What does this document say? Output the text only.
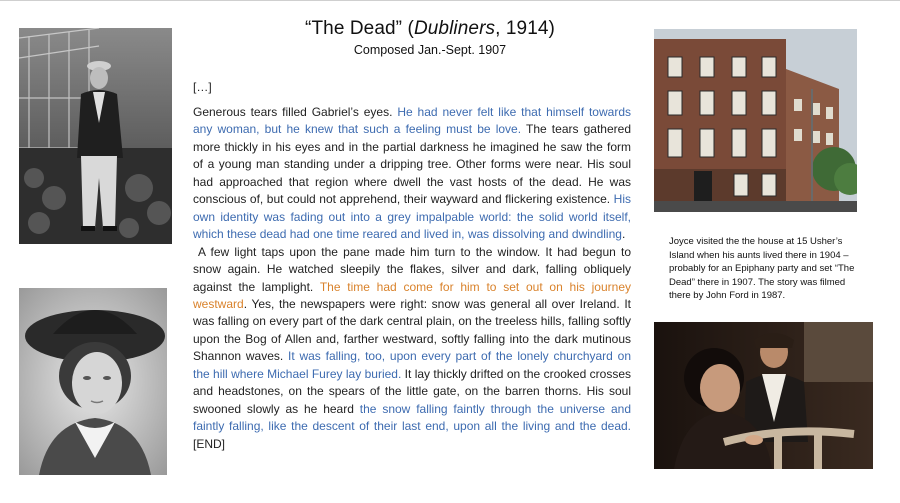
“The Dead” (Dubliners, 1914)
Composed Jan.-Sept. 1907
[…]

Generous tears filled Gabriel’s eyes. He had never felt like that himself towards any woman, but he knew that such a feeling must be love. The tears gathered more thickly in his eyes and in the partial darkness he imagined he saw the form of a young man standing under a dripping tree. Other forms were near. His soul had approached that region where dwell the vast hosts of the dead. He was conscious of, but could not apprehend, their wayward and flickering existence. His own identity was fading out into a grey impalpable world: the solid world itself, which these dead had one time reared and lived in, was dissolving and dwindling.

A few light taps upon the pane made him turn to the window. It had begun to snow again. He watched sleepily the flakes, silver and dark, falling obliquely against the lamplight. The time had come for him to set out on his journey westward. Yes, the newspapers were right: snow was general all over Ireland. It was falling on every part of the dark central plain, on the treeless hills, falling softly upon the Bog of Allen and, farther westward, softly falling into the dark mutinous Shannon waves. It was falling, too, upon every part of the lonely churchyard on the hill where Michael Furey lay buried. It lay thickly drifted on the crooked crosses and headstones, on the spears of the little gate, on the barren thorns. His soul swooned slowly as he heard the snow falling faintly through the universe and faintly falling, like the descent of their last end, upon all the living and the dead. [END]

Joyce visited the the house at 15 Usher’s Island when his aunts lived there in 1904 – probably for an Epiphany party and set “The Dead” there in 1907. The story was filmed there by John Ford in 1987.
